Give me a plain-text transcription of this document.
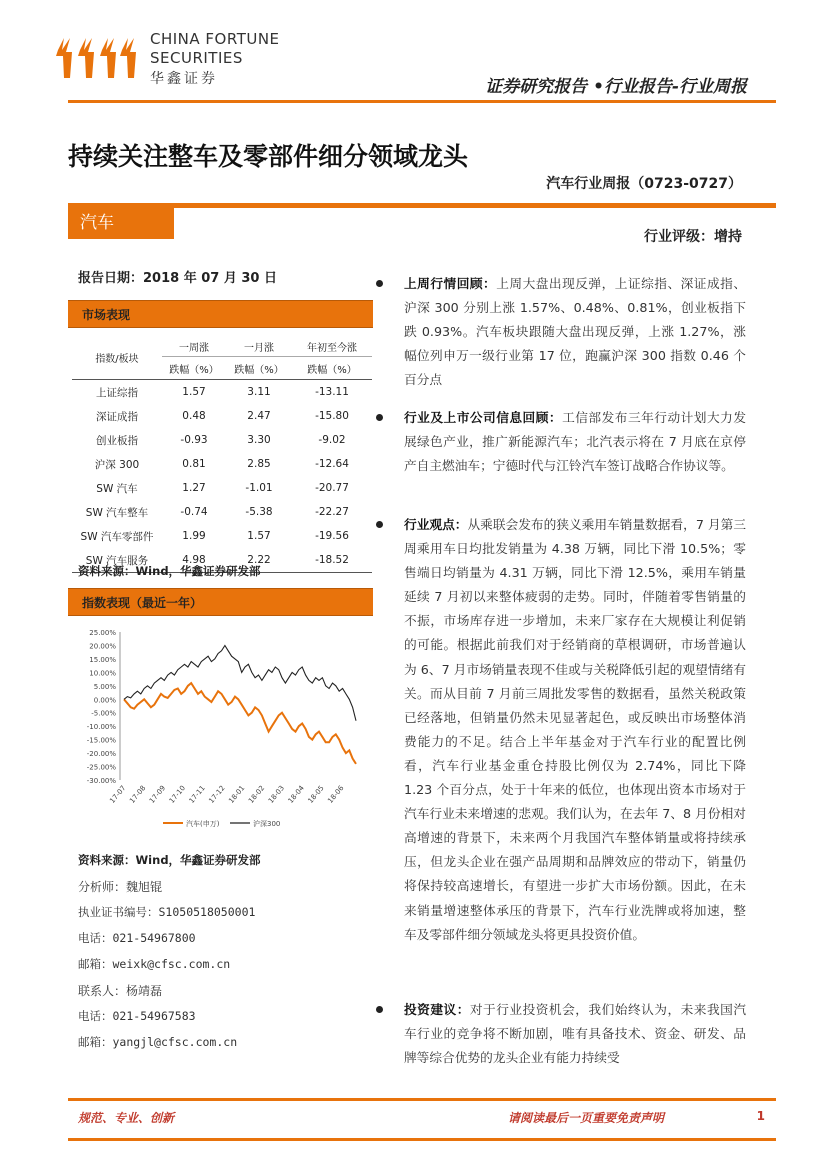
CHINA FORTUNE
SECURITIES
华鑫证券	证券研究报告 •行业报告-行业周报
持续关注整车及零部件细分领域龙头
汽车行业周报（0723-0727）
汽车
行业评级：增持
报告日期：2018 年 07 月 30 日
市场表现
指数/板块	一周涨	一月涨	年初至今涨
	跌幅（%）	跌幅（%）	跌幅（%）
上证综指	1.57	3.11	-13.11
深证成指	0.48	2.47	-15.80
创业板指	-0.93	3.30	-9.02
沪深 300	0.81	2.85	-12.64
SW 汽车	1.27	-1.01	-20.77
SW 汽车整车	-0.74	-5.38	-22.27
SW 汽车零部件	1.99	1.57	-19.56
SW 汽车服务	4.98	2.22	-18.52
资料来源：Wind，华鑫证券研发部
指数表现（最近一年）
25.00%
20.00%
15.00%
10.00%
5.00%
0.00%
-5.00%
-10.00%
-15.00%
-20.00%
-25.00%
-30.00%
17-07 17-08 17-09 17-10 17-11 17-12 18-01 18-02 18-03 18-04 18-05 18-06
汽车(申万)	沪深300
资料来源：Wind，华鑫证券研发部
分析师：魏旭锟
执业证书编号：S1050518050001
电话：021-54967800
邮箱：weixk@cfsc.com.cn
联系人：杨靖磊
电话：021-54967583
邮箱：yangjl@cfsc.com.cn
上周行情回顾：上周大盘出现反弹，上证综指、深证成指、沪深 300 分别上涨 1.57%、0.48%、0.81%，创业板指下跌 0.93%。汽车板块跟随大盘出现反弹，上涨 1.27%，涨幅位列申万一级行业第 17 位，跑赢沪深 300 指数 0.46 个百分点
行业及上市公司信息回顾：工信部发布三年行动计划大力发展绿色产业，推广新能源汽车；北汽表示将在 7 月底在京停产自主燃油车；宁德时代与江铃汽车签订战略合作协议等。
行业观点：从乘联会发布的狭义乘用车销量数据看，7 月第三周乘用车日均批发销量为 4.38 万辆，同比下滑 10.5%；零售端日均销量为 4.31 万辆，同比下滑 12.5%，乘用车销量延续 7 月初以来整体疲弱的走势。同时，伴随着零售销量的不振，市场库存进一步增加，未来厂家存在大规模让利促销的可能。根据此前我们对于经销商的草根调研，市场普遍认为 6、7 月市场销量表现不佳或与关税降低引起的观望情绪有关。而从目前 7 月前三周批发零售的数据看，虽然关税政策已经落地，但销量仍然未见显著起色，或反映出市场整体消费能力的不足。结合上半年基金对于汽车行业的配置比例看，汽车行业基金重仓持股比例仅为 2.74%，同比下降 1.23 个百分点，处于十年来的低位，也体现出资本市场对于汽车行业未来增速的悲观。我们认为，在去年 7、8 月份相对高增速的背景下，未来两个月我国汽车整体销量或将持续承压，但龙头企业在强产品周期和品牌效应的带动下，销量仍将保持较高速增长，有望进一步扩大市场份额。因此，在未来销量增速整体承压的背景下，汽车行业洗牌或将加速，整车及零部件细分领域龙头将更具投资价值。
投资建议：对于行业投资机会，我们始终认为，未来我国汽车行业的竞争将不断加剧，唯有具备技术、资金、研发、品牌等综合优势的龙头企业有能力持续受
规范、专业、创新	请阅读最后一页重要免责声明	1
